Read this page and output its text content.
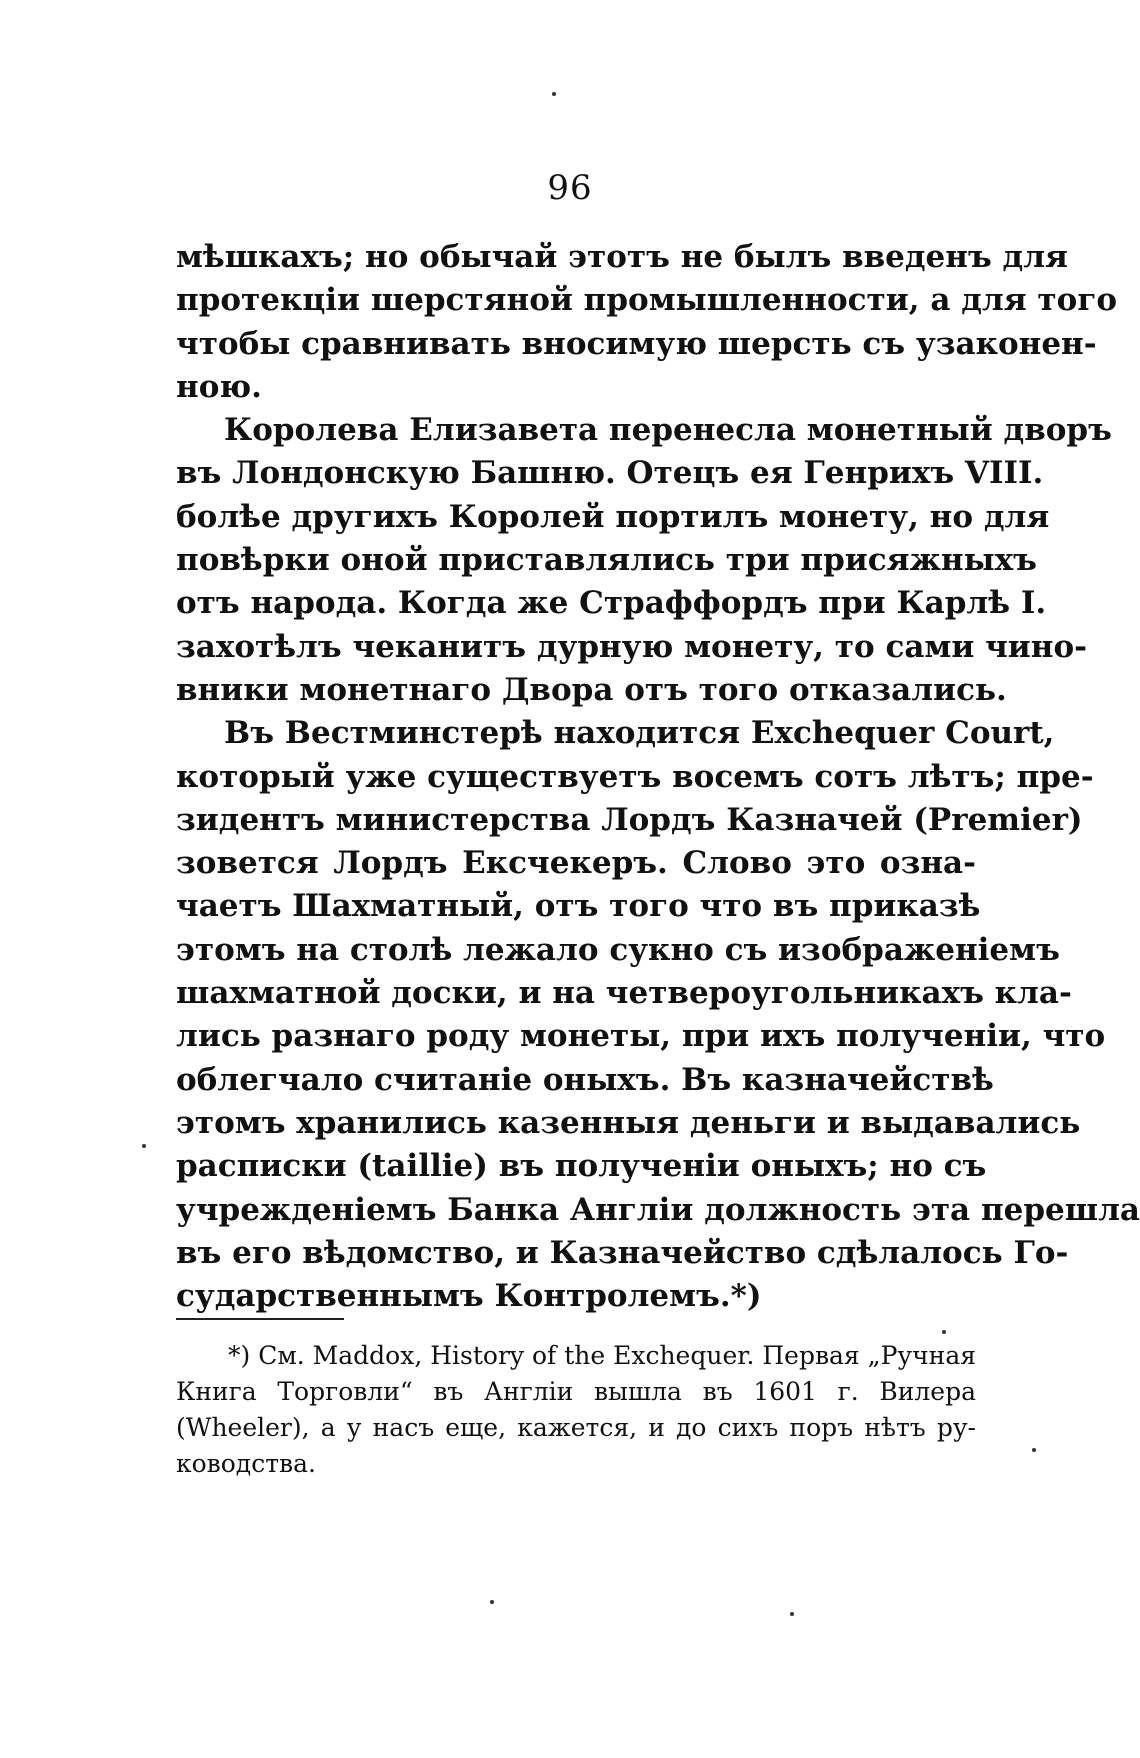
96
мѣшкахъ; но обычай этотъ не былъ введенъ для
протекціи шерстяной промышленности, а для того
чтобы сравнивать вносимую шерсть съ узаконен-
ною.
Королева Елизавета перенесла монетный дворъ
въ Лондонскую Башню. Отецъ ея Генрихъ VIII.
болѣе другихъ Королей портилъ монету, но для
повѣрки оной приставлялись три присяжныхъ
отъ народа. Когда же Страффордъ при Карлѣ I.
захотѣлъ чеканитъ дурную монету, то сами чино-
вники монетнаго Двора отъ того отказались.
Въ Вестминстерѣ находится Exchequer Court,
который уже существуетъ восемъ сотъ лѣтъ; пре-
зидентъ министерства Лордъ Казначей (Premier)
зовется Лордъ Ексчекеръ. Слово это озна-
чаетъ Шахматный, отъ того что въ приказѣ
этомъ на столѣ лежало сукно съ изображеніемъ
шахматной доски, и на четвероугольникахъ кла-
лись разнаго роду монеты, при ихъ полученіи, что
облегчало считаніе оныхъ. Въ казначействѣ
этомъ хранились казенныя деньги и выдавались
расписки (taillie) въ полученіи оныхъ; но съ
учрежденіемъ Банка Англіи должность эта перешла
въ его вѣдомство, и Казначейство сдѣлалось Го-
сударственнымъ Контролемъ.*)
*) См. Maddox, History of the Exchequer. Первая „Ручная
Книга Торговли“ въ Англіи вышла въ 1601 г. Вилера
(Wheeler), а у насъ еще, кажется, и до сихъ поръ нѣтъ ру-
ководства.
